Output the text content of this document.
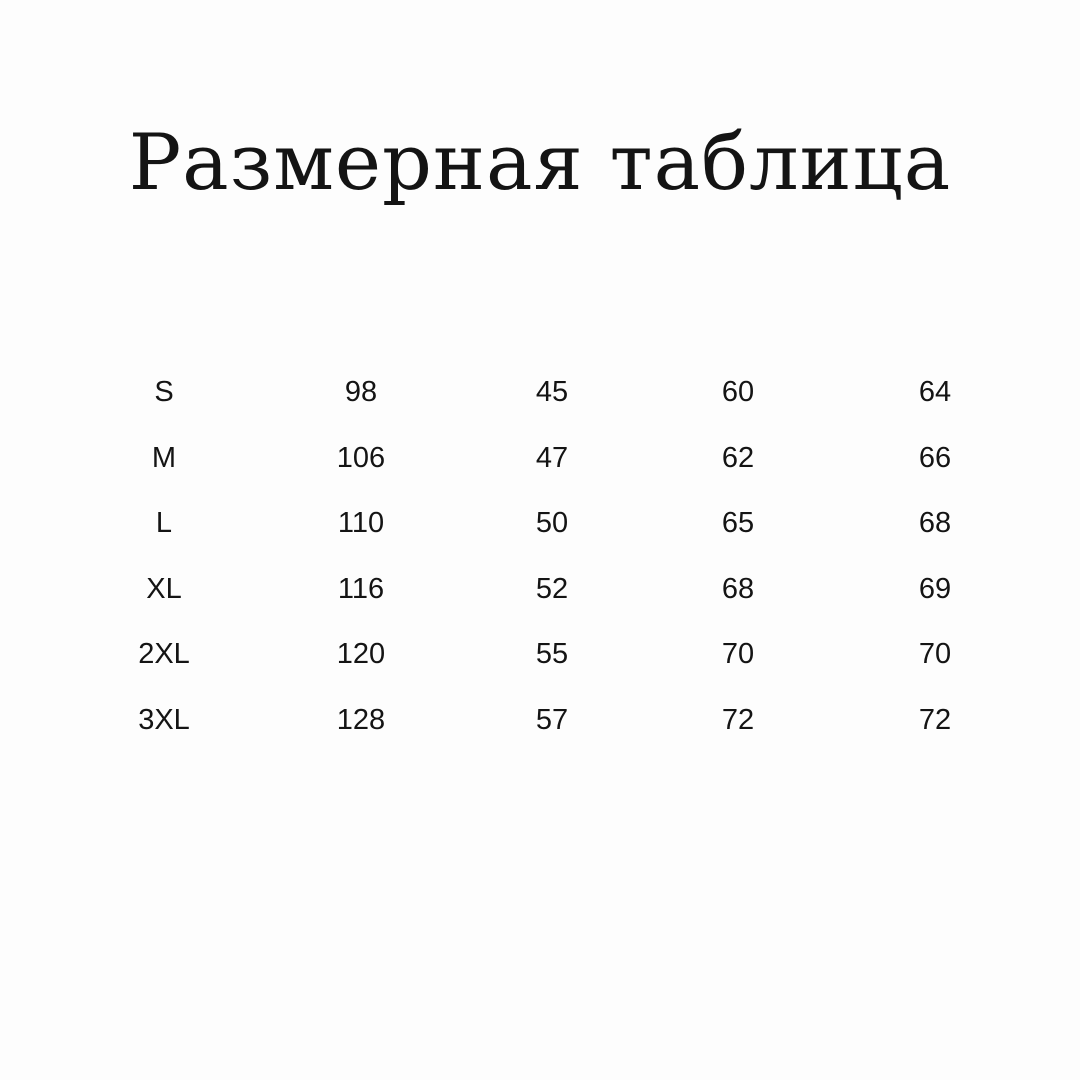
Размерная таблица
S	98	45	60	64
M	106	47	62	66
L	110	50	65	68
XL	116	52	68	69
2XL	120	55	70	70
3XL	128	57	72	72
